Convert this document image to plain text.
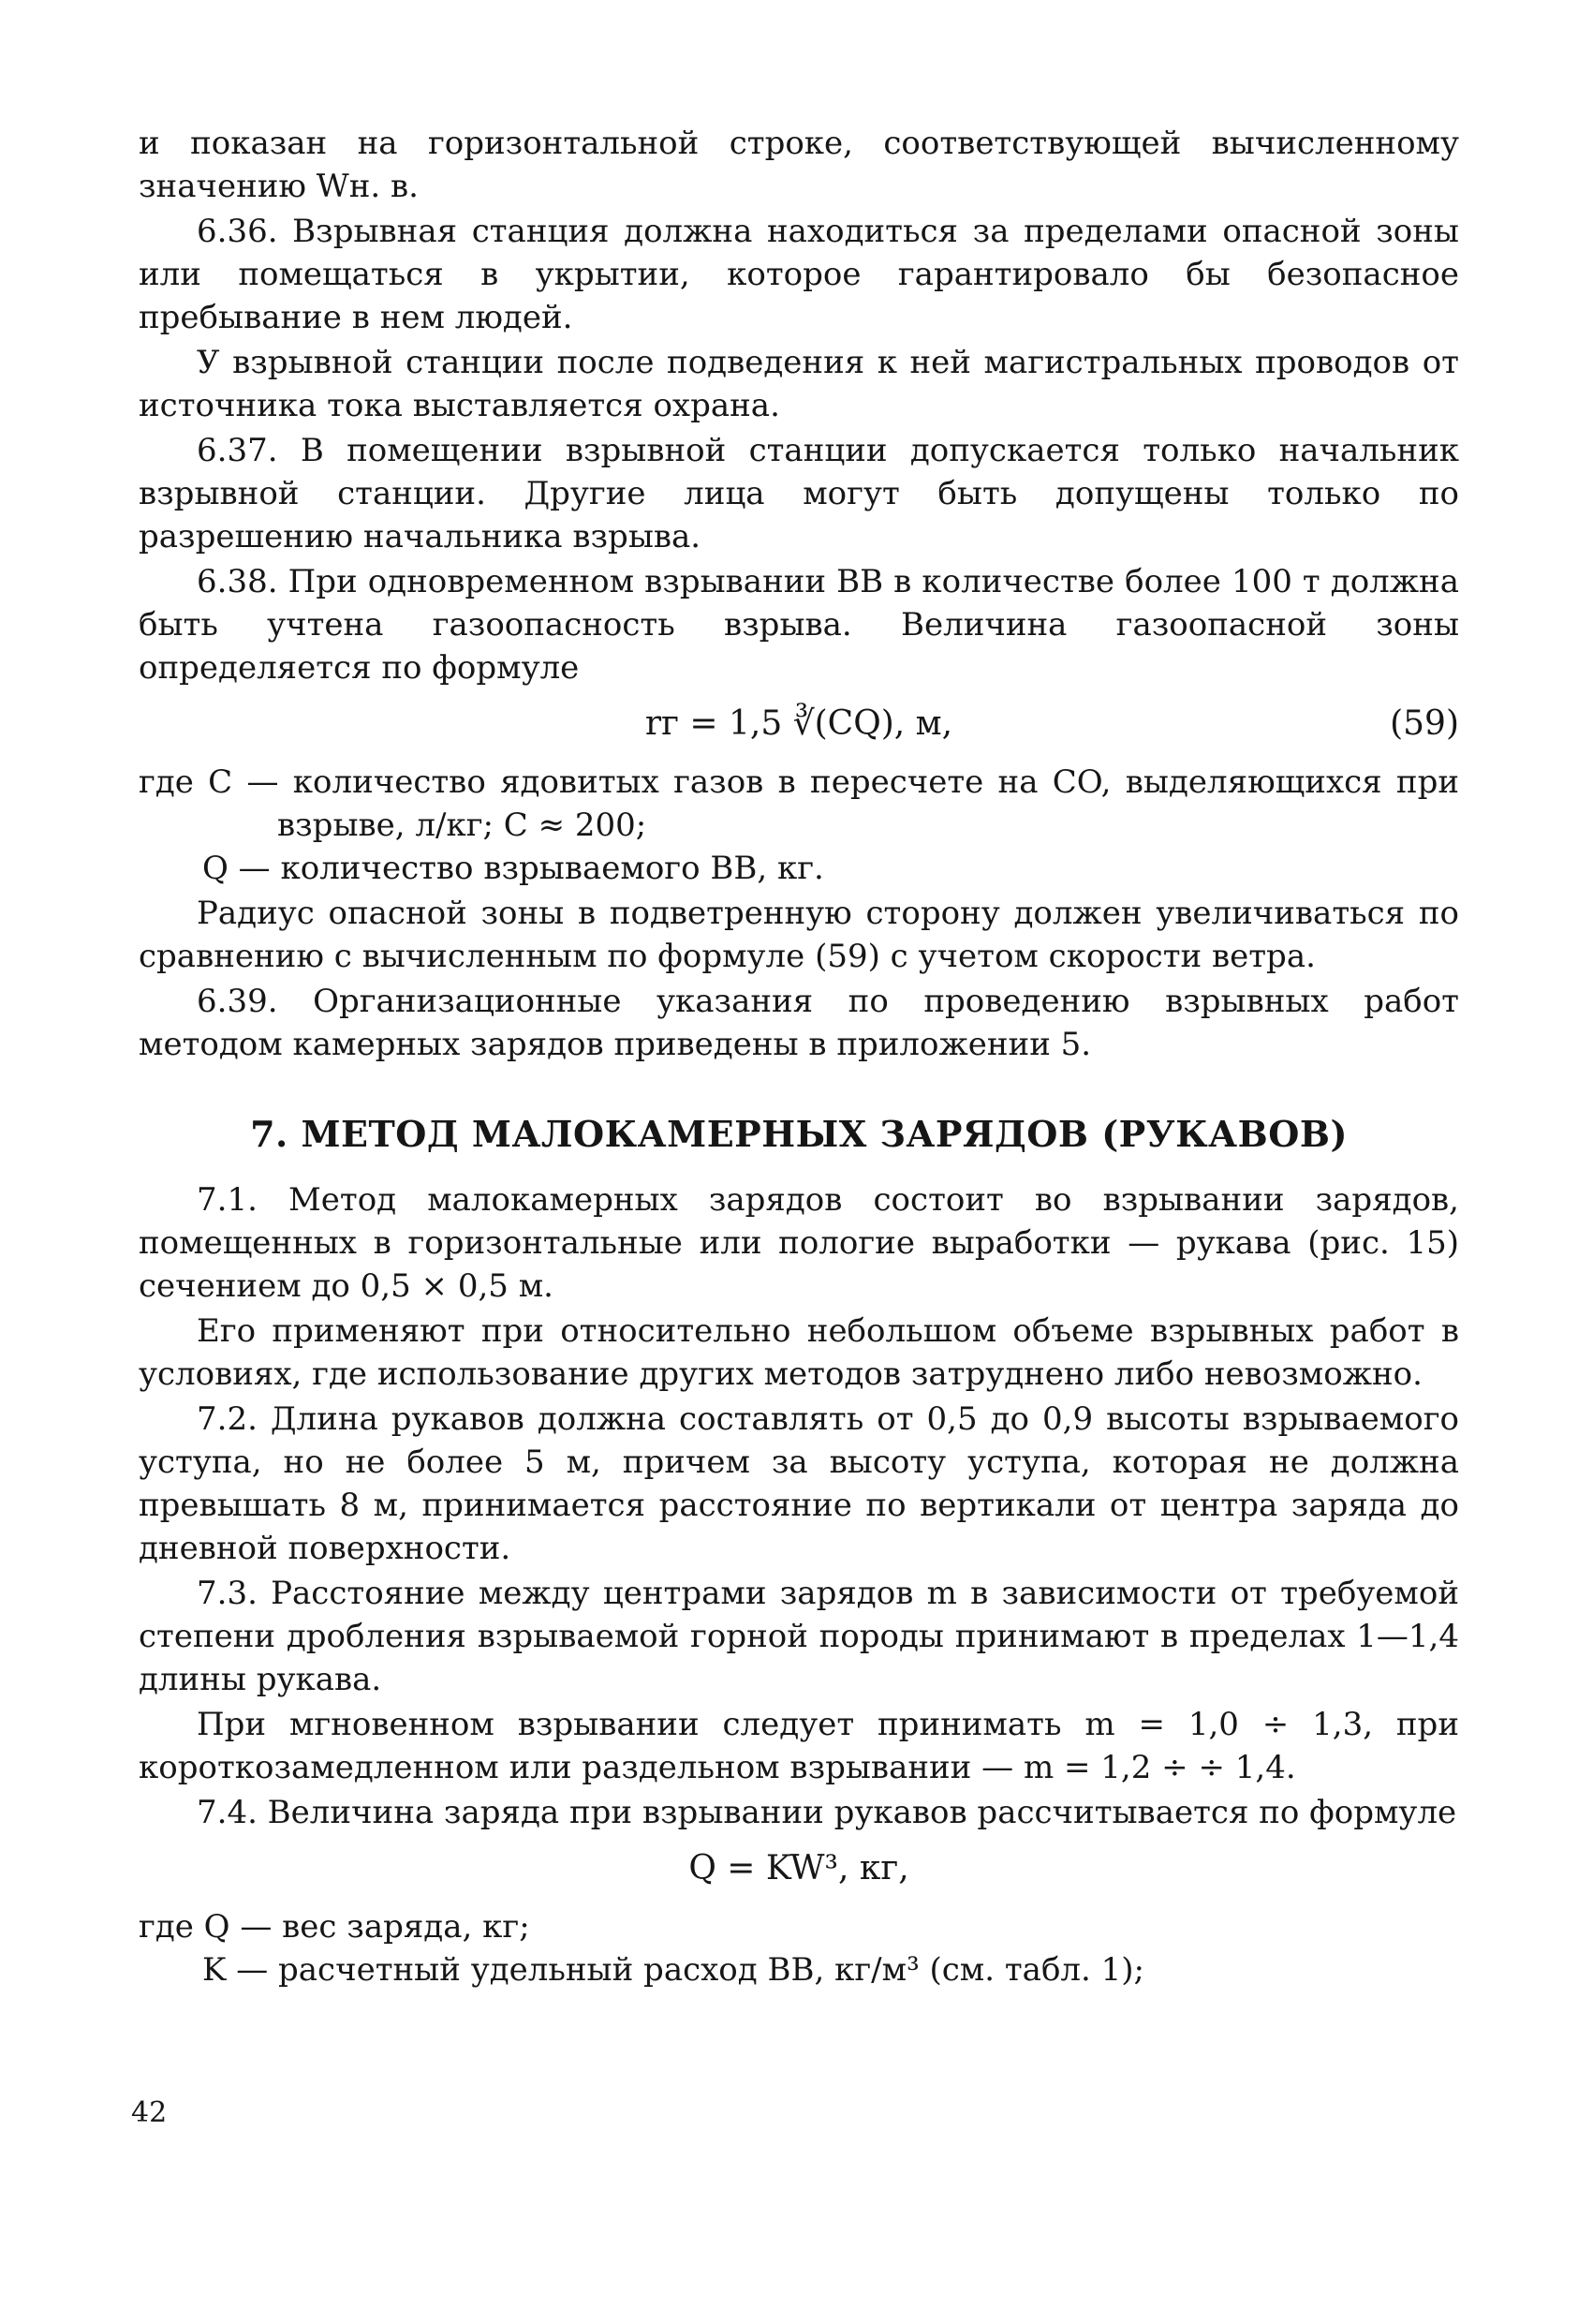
и показан на горизонтальной строке, соответствующей вычисленному значению Wн. в.

6.36. Взрывная станция должна находиться за пределами опасной зоны или помещаться в укрытии, которое гарантировало бы безопасное пребывание в нем людей.

У взрывной станции после подведения к ней магистральных проводов от источника тока выставляется охрана.

6.37. В помещении взрывной станции допускается только начальник взрывной станции. Другие лица могут быть допущены только по разрешению начальника взрыва.

6.38. При одновременном взрывании ВВ в количестве более 100 т должна быть учтена газоопасность взрыва. Величина газоопасной зоны определяется по формуле

rг = 1,5 ∛(CQ), м,	(59)

где C — количество ядовитых газов в пересчете на CO, выделяющихся при взрыве, л/кг; C ≈ 200;

Q — количество взрываемого ВВ, кг.

Радиус опасной зоны в подветренную сторону должен увеличиваться по сравнению с вычисленным по формуле (59) с учетом скорости ветра.

6.39. Организационные указания по проведению взрывных работ методом камерных зарядов приведены в приложении 5.

7. МЕТОД МАЛОКАМЕРНЫХ ЗАРЯДОВ (РУКАВОВ)

7.1. Метод малокамерных зарядов состоит во взрывании зарядов, помещенных в горизонтальные или пологие выработки — рукава (рис. 15) сечением до 0,5 × 0,5 м.

Его применяют при относительно небольшом объеме взрывных работ в условиях, где использование других методов затруднено либо невозможно.

7.2. Длина рукавов должна составлять от 0,5 до 0,9 высоты взрываемого уступа, но не более 5 м, причем за высоту уступа, которая не должна превышать 8 м, принимается расстояние по вертикали от центра заряда до дневной поверхности.

7.3. Расстояние между центрами зарядов m в зависимости от требуемой степени дробления взрываемой горной породы принимают в пределах 1—1,4 длины рукава.

При мгновенном взрывании следует принимать m = 1,0 ÷ 1,3, при короткозамедленном или раздельном взрывании — m = 1,2 ÷ ÷ 1,4.

7.4. Величина заряда при взрывании рукавов рассчитывается по формуле

Q = KW³, кг,

где Q — вес заряда, кг;

K — расчетный удельный расход ВВ, кг/м³ (см. табл. 1);

42
